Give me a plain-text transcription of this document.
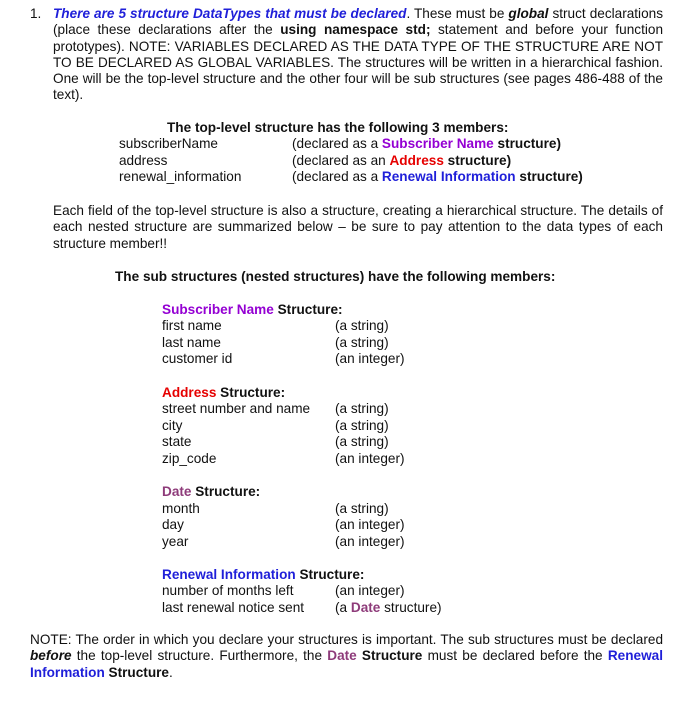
1. There are 5 structure DataTypes that must be declared. These must be global struct declarations (place these declarations after the using namespace std; statement and before your function prototypes). NOTE: VARIABLES DECLARED AS THE DATA TYPE OF THE STRUCTURE ARE NOT TO BE DECLARED AS GLOBAL VARIABLES. The structures will be written in a hierarchical fashion. One will be the top-level structure and the other four will be sub structures (see pages 486-488 of the text).
The top-level structure has the following 3 members:
subscriberName	(declared as a Subscriber Name structure)
address	(declared as an Address structure)
renewal_information	(declared as a Renewal Information structure)
Each field of the top-level structure is also a structure, creating a hierarchical structure. The details of each nested structure are summarized below – be sure to pay attention to the data types of each structure member!!
The sub structures (nested structures) have the following members:
Subscriber Name Structure:
first name	(a string)
last name	(a string)
customer id	(an integer)
Address Structure:
street number and name (a string)
city	(a string)
state	(a string)
zip_code	(an integer)
Date Structure:
month	(a string)
day	(an integer)
year	(an integer)
Renewal Information Structure:
number of months left	(an integer)
last renewal notice sent (a Date structure)
NOTE: The order in which you declare your structures is important. The sub structures must be declared before the top-level structure. Furthermore, the Date Structure must be declared before the Renewal Information Structure.
